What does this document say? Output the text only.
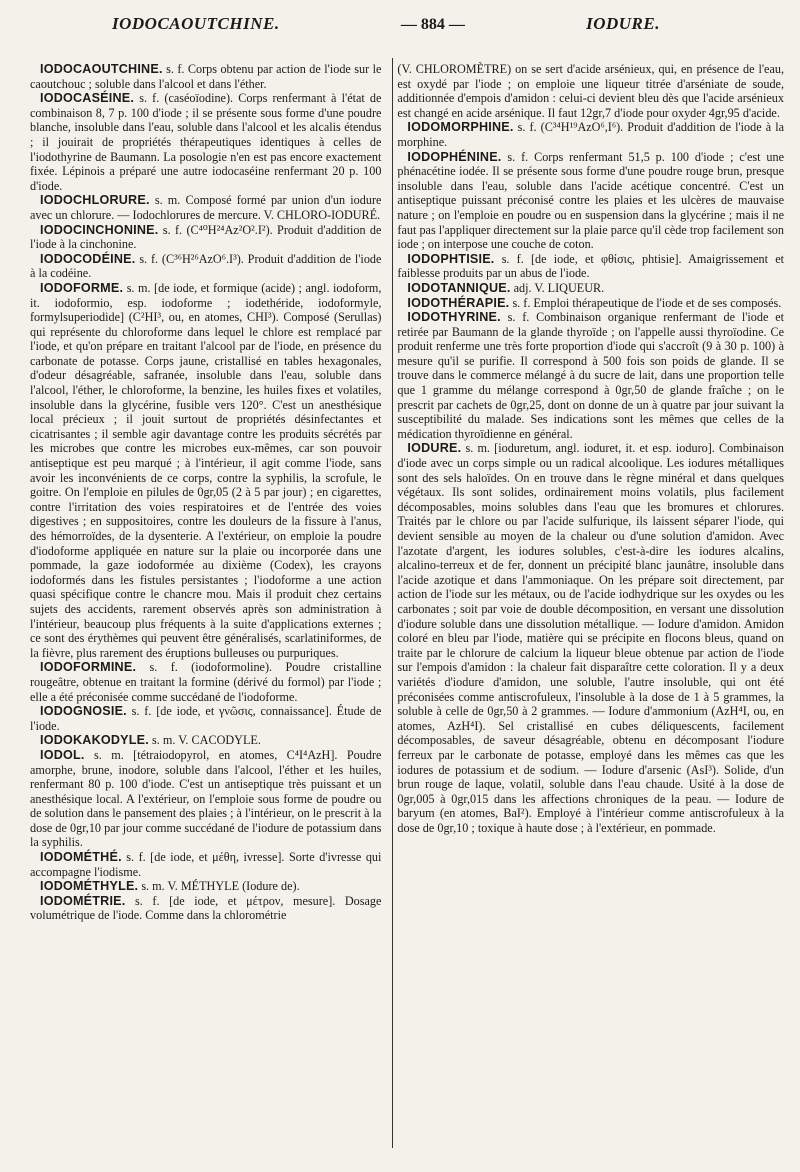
IODOCAOUTCHINE.	— 884 —	IODURE.

IODOCAOUTCHINE. s. f. Corps obtenu par action de l'iode sur le caoutchouc ; soluble dans l'alcool et dans l'éther.

IODOCASÉINE. s. f. (caséoïodine). Corps renfermant à l'état de combinaison 8, 7 p. 100 d'iode ; il se présente sous forme d'une poudre blanche, insoluble dans l'eau, soluble dans l'alcool et les alcalis étendus ; il jouirait de propriétés thérapeutiques identiques à celles de l'iodothyrine de Baumann. La posologie n'en est pas encore exactement fixée. Lépinois a préparé une autre iodocaséine renfermant 20 p. 100 d'iode.

IODOCHLORURE. s. m. Composé formé par union d'un iodure avec un chlorure. — Iodochlorures de mercure. V. CHLORO-IODURÉ.

IODOCINCHONINE. s. f. (C⁴⁰H²⁴Az²O².I²). Produit d'addition de l'iode à la cinchonine.

IODOCODÉINE. s. f. (C³⁶H²⁶AzO⁶.I³). Produit d'addition de l'iode à la codéine.

IODOFORME. s. m. [de iode, et formique (acide) ; angl. iodoform, it. iodoformio, esp. iodoforme ; iodethéride, iodoformyle, formylsuperiodide] (C²HI³, ou, en atomes, CHI³). Composé (Serullas) qui représente du chloroforme dans lequel le chlore est remplacé par l'iode, et qu'on prépare en traitant l'alcool par de l'iode, en présence du carbonate de potasse. Corps jaune, cristallisé en tables hexagonales, d'odeur désagréable, safranée, insoluble dans l'eau, soluble dans l'alcool, l'éther, le chloroforme, la benzine, les huiles fixes et volatiles, insoluble dans la glycérine, fusible vers 120°. C'est un anesthésique local précieux ; il jouit surtout de propriétés désinfectantes et cicatrisantes ; il semble agir davantage contre les produits sécrétés par les microbes que contre les microbes eux-mêmes, car son pouvoir antiseptique est peu marqué ; à l'intérieur, il agit comme l'iode, sans avoir les inconvénients de ce corps, contre la syphilis, la scrofule, le goitre. On l'emploie en pilules de 0gr,05 (2 à 5 par jour) ; en cigarettes, contre l'irritation des voies respiratoires et de l'entrée des voies digestives ; en suppositoires, contre les douleurs de la fissure à l'anus, des hémorroïdes, de la dysenterie. A l'extérieur, on emploie la poudre d'iodoforme appliquée en nature sur la plaie ou incorporée dans une pommade, la gaze iodoformée au dixième (Codex), les crayons iodoformés dans les fistules persistantes ; l'iodoforme a une action quasi spécifique contre le chancre mou. Mais il produit chez certains sujets des accidents, rarement observés après son administration à l'intérieur, beaucoup plus fréquents à la suite d'applications externes ; ce sont des érythèmes qui peuvent être généralisés, scarlatiniformes, de la fièvre, plus rarement des éruptions bulleuses ou purpuriques.

IODOFORMINE. s. f. (iodoformoline). Poudre cristalline rougeâtre, obtenue en traitant la formine (dérivé du formol) par l'iode ; elle a été préconisée comme succédané de l'iodoforme.

IODOGNOSIE. s. f. [de iode, et γνῶσις, connaissance]. Étude de l'iode.

IODOKAKODYLE. s. m. V. CACODYLE.

IODOL. s. m. [tétraiodopyrol, en atomes, C⁴I⁴AzH]. Poudre amorphe, brune, inodore, soluble dans l'alcool, l'éther et les huiles, renfermant 80 p. 100 d'iode. C'est un antiseptique très puissant et un anesthésique local. A l'extérieur, on l'emploie sous forme de poudre ou de solution dans le pansement des plaies ; à l'intérieur, on le prescrit à la dose de 0gr,10 par jour comme succédané de l'iodure de potassium dans la syphilis.

IODOMÉTHÉ. s. f. [de iode, et μέθη, ivresse]. Sorte d'ivresse qui accompagne l'iodisme.

IODOMÉTHYLE. s. m. V. MÉTHYLE (Iodure de).

IODOMÉTRIE. s. f. [de iode, et μέτρον, mesure]. Dosage volumétrique de l'iode. Comme dans la chlorométrie

(V. CHLOROMÈTRE) on se sert d'acide arsénieux, qui, en présence de l'eau, est oxydé par l'iode ; on emploie une liqueur titrée d'arséniate de soude, additionnée d'empois d'amidon : celui-ci devient bleu dès que l'acide arsénieux est changé en acide arsénique. Il faut 12gr,7 d'iode pour oxyder 4gr,95 d'acide.

IODOMORPHINE. s. f. (C³⁴H¹⁹AzO⁶,I⁶). Produit d'addition de l'iode à la morphine.

IODOPHÉNINE. s. f. Corps renfermant 51,5 p. 100 d'iode ; c'est une phénacétine iodée. Il se présente sous forme d'une poudre rouge brun, presque insoluble dans l'eau, soluble dans l'acide acétique concentré. C'est un antiseptique puissant préconisé contre les plaies et les ulcères de mauvaise nature ; on l'emploie en poudre ou en suspension dans la glycérine ; mais il ne faut pas l'appliquer directement sur la plaie parce qu'il cède trop facilement son iode ; on interpose une couche de coton.

IODOPHTISIE. s. f. [de iode, et φθίσις, phtisie]. Amaigrissement et faiblesse produits par un abus de l'iode.

IODOTANNIQUE. adj. V. LIQUEUR.

IODOTHÉRAPIE. s. f. Emploi thérapeutique de l'iode et de ses composés.

IODOTHYRINE. s. f. Combinaison organique renfermant de l'iode et retirée par Baumann de la glande thyroïde ; on l'appelle aussi thyroïodine. Ce produit renferme une très forte proportion d'iode qui s'accroît (9 à 30 p. 100) à mesure qu'il se purifie. Il correspond à 500 fois son poids de glande. Il se trouve dans le commerce mélangé à du sucre de lait, dans une proportion telle que 1 gramme du mélange correspond à 0gr,50 de glande fraîche ; on le prescrit par cachets de 0gr,25, dont on donne de un à quatre par jour suivant la susceptibilité du malade. Ses indications sont les mêmes que celles de la médication thyroïdienne en général.

IODURE. s. m. [ioduretum, angl. ioduret, it. et esp. ioduro]. Combinaison d'iode avec un corps simple ou un radical alcoolique. Les iodures métalliques sont des sels haloïdes. On en trouve dans le règne minéral et dans quelques végétaux. Ils sont solides, ordinairement moins volatils, plus facilement décomposables, moins solubles dans l'eau que les bromures et chlorures. Traités par le chlore ou par l'acide sulfurique, ils laissent séparer l'iode, qui devient sensible au moyen de la chaleur ou d'une solution d'amidon. Avec l'azotate d'argent, les iodures solubles, c'est-à-dire les iodures alcalins, alcalino-terreux et de fer, donnent un précipité blanc jaunâtre, insoluble dans l'acide azotique et dans l'ammoniaque. On les prépare soit directement, par action de l'iode sur les métaux, ou de l'acide iodhydrique sur les oxydes ou les carbonates ; soit par voie de double décomposition, en versant une dissolution d'iodure soluble dans une dissolution métallique. — Iodure d'amidon. Amidon coloré en bleu par l'iode, matière qui se précipite en flocons bleus, quand on traite par le chlorure de calcium la liqueur bleue obtenue par action de l'iode sur l'empois d'amidon : la chaleur fait disparaître cette coloration. Il y a deux variétés d'iodure d'amidon, une soluble, l'autre insoluble, qui ont été préconisées comme antiscrofuleux, l'insoluble à la dose de 1 à 5 grammes, la soluble à celle de 0gr,50 à 2 grammes. — Iodure d'ammonium (AzH⁴I, ou, en atomes, AzH⁴I). Sel cristallisé en cubes déliquescents, facilement décomposables, de saveur désagréable, obtenu en décomposant l'iodure ferreux par le carbonate de potasse, employé dans les mêmes cas que les iodures de potassium et de sodium. — Iodure d'arsenic (AsI³). Solide, d'un brun rouge de laque, volatil, soluble dans l'eau chaude. Usité à la dose de 0gr,005 à 0gr,015 dans les affections chroniques de la peau. — Iodure de baryum (en atomes, BaI²). Employé à l'intérieur comme antiscrofuleux à la dose de 0gr,10 ; toxique à haute dose ; à l'extérieur, en pommade.
